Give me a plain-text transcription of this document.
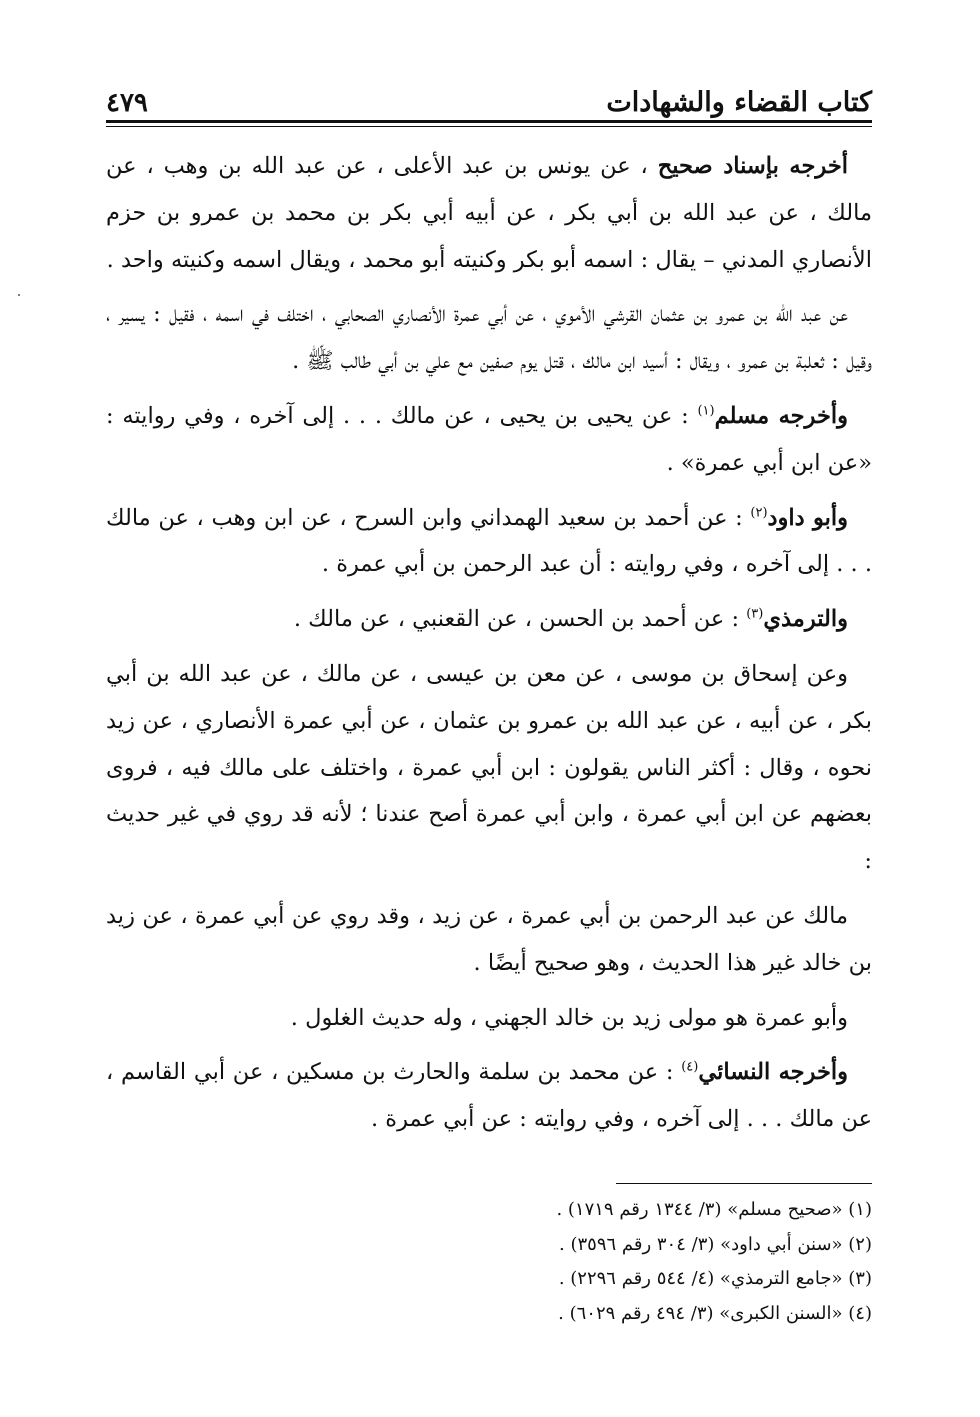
كتاب القضاء والشهادات
٤٧٩

أخرجه بإسناد صحيح ، عن يونس بن عبد الأعلى ، عن عبد الله بن وهب ، عن مالك ، عن عبد الله بن أبي بكر ، عن أبيه أبي بكر بن محمد بن عمرو بن حزم الأنصاري المدني – يقال : اسمه أبو بكر وكنيته أبو محمد ، ويقال اسمه وكنيته واحد .

عن عبد الله بن عمرو بن عثمان القرشي الأموي ، عن أبي عمرة الأنصاري الصحابي ، اختلف في اسمه ، فقيل : يسير ، وقيل : ثعلبة بن عمرو ، ويقال : أسيد ابن مالك ، قتل يوم صفين مع علي بن أبي طالب ﷺ .

وأخرجه مسلم$^{(١)}$ : عن يحيى بن يحيى ، عن مالك . . . إلى آخره ، وفي روايته : «عن ابن أبي عمرة» .

وأبو داود$^{(٢)}$ : عن أحمد بن سعيد الهمداني وابن السرح ، عن ابن وهب ، عن مالك . . . إلى آخره ، وفي روايته : أن عبد الرحمن بن أبي عمرة .

والترمذي$^{(٣)}$ : عن أحمد بن الحسن ، عن القعنبي ، عن مالك .

وعن إسحاق بن موسى ، عن معن بن عيسى ، عن مالك ، عن عبد الله بن أبي بكر ، عن أبيه ، عن عبد الله بن عمرو بن عثمان ، عن أبي عمرة الأنصاري ، عن زيد نحوه ، وقال : أكثر الناس يقولون : ابن أبي عمرة ، واختلف على مالك فيه ، فروى بعضهم عن ابن أبي عمرة ، وابن أبي عمرة أصح عندنا ؛ لأنه قد روي في غير حديث :

مالك عن عبد الرحمن بن أبي عمرة ، عن زيد ، وقد روي عن أبي عمرة ، عن زيد بن خالد غير هذا الحديث ، وهو صحيح أيضًا .

وأبو عمرة هو مولى زيد بن خالد الجهني ، وله حديث الغلول .

وأخرجه النسائي$^{(٤)}$ : عن محمد بن سلمة والحارث بن مسكين ، عن أبي القاسم ، عن مالك . . . إلى آخره ، وفي روايته : عن أبي عمرة .

(١) «صحيح مسلم» (٣/ ١٣٤٤ رقم ١٧١٩) .
(٢) «سنن أبي داود» (٣/ ٣٠٤ رقم ٣٥٩٦) .
(٣) «جامع الترمذي» (٤/ ٥٤٤ رقم ٢٢٩٦) .
(٤) «السنن الكبرى» (٣/ ٤٩٤ رقم ٦٠٢٩) .
